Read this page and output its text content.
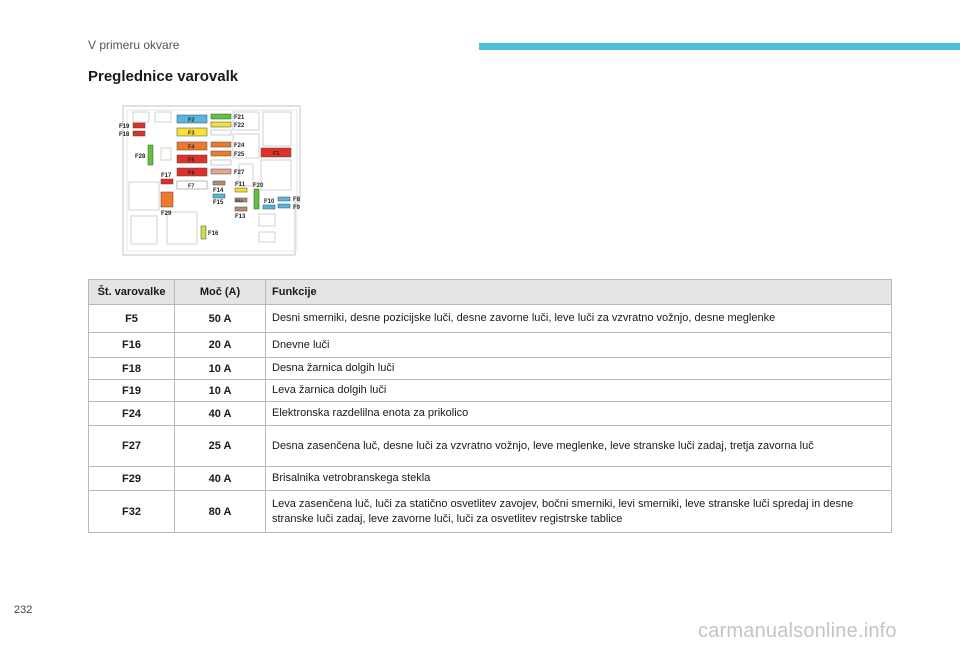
V primeru okvare
Preglednice varovalk
F19
F18
F28
F2
F3
F4
F5
F6
F7
F17
F29
F21
F22
F24
F25
F27
F1
F14
F15
F11
F12
F13
F20
F10	F8
F9
F16
Št. varovalke	Moč (A)	Funkcije
F5	50 A	Desni smerniki, desne pozicijske luči, desne zavorne luči, leve luči za vzvratno vožnjo, desne meglenke
F16	20 A	Dnevne luči
F18	10 A	Desna žarnica dolgih luči
F19	10 A	Leva žarnica dolgih luči
F24	40 A	Elektronska razdelilna enota za prikolico
F27	25 A	Desna zasenčena luč, desne luči za vzvratno vožnjo, leve meglenke, leve stranske luči zadaj, tretja zavorna luč
F29	40 A	Brisalnika vetrobranskega stekla
F32	80 A	Leva zasenčena luč, luči za statično osvetlitev zavojev, bočni smerniki, levi smerniki, leve stranske luči spredaj in desne stranske luči zadaj, leve zavorne luči, luči za osvetlitev registrske tablice
232
carmanualsonline.info
